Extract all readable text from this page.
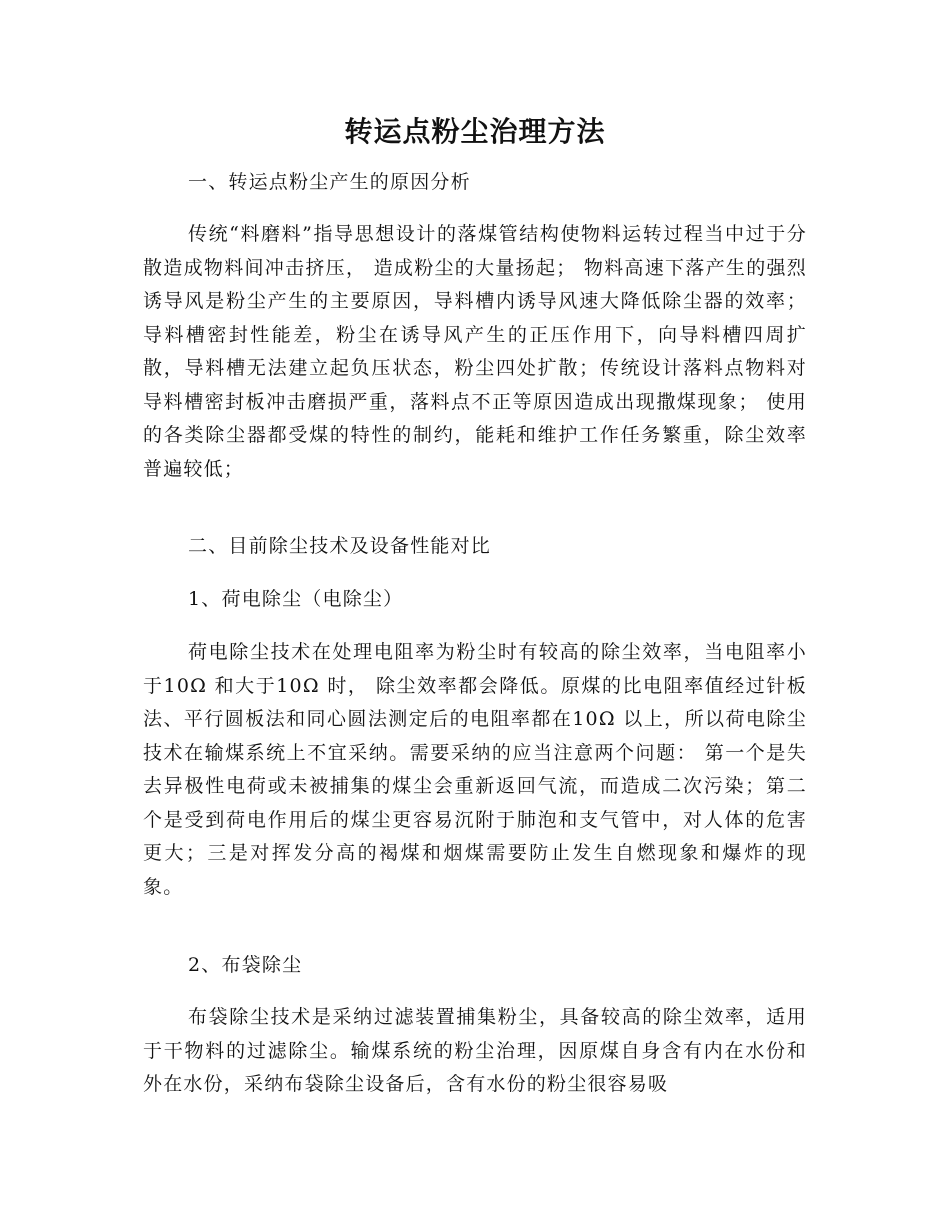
转运点粉尘治理方法

一、转运点粉尘产生的原因分析

传统“料磨料”指导思想设计的落煤管结构使物料运转过程当中过于分散造成物料间冲击挤压， 造成粉尘的大量扬起； 物料高速下落产生的强烈诱导风是粉尘产生的主要原因，导料槽内诱导风速大降低除尘器的效率； 导料槽密封性能差，粉尘在诱导风产生的正压作用下，向导料槽四周扩散，导料槽无法建立起负压状态，粉尘四处扩散；传统设计落料点物料对导料槽密封板冲击磨损严重，落料点不正等原因造成出现撒煤现象； 使用的各类除尘器都受煤的特性的制约，能耗和维护工作任务繁重，除尘效率普遍较低；

二、目前除尘技术及设备性能对比

1、荷电除尘（电除尘）

荷电除尘技术在处理电阻率为粉尘时有较高的除尘效率，当电阻率小于10Ω 和大于10Ω 时， 除尘效率都会降低。原煤的比电阻率值经过针板法、平行圆板法和同心圆法测定后的电阻率都在10Ω 以上，所以荷电除尘技术在输煤系统上不宜采纳。需要采纳的应当注意两个问题： 第一个是失去异极性电荷或未被捕集的煤尘会重新返回气流，而造成二次污染；第二个是受到荷电作用后的煤尘更容易沉附于肺泡和支气管中，对人体的危害更大；三是对挥发分高的褐煤和烟煤需要防止发生自燃现象和爆炸的现象。

2、布袋除尘

布袋除尘技术是采纳过滤装置捕集粉尘，具备较高的除尘效率，适用于干物料的过滤除尘。输煤系统的粉尘治理，因原煤自身含有内在水份和外在水份，采纳布袋除尘设备后，含有水份的粉尘很容易吸
